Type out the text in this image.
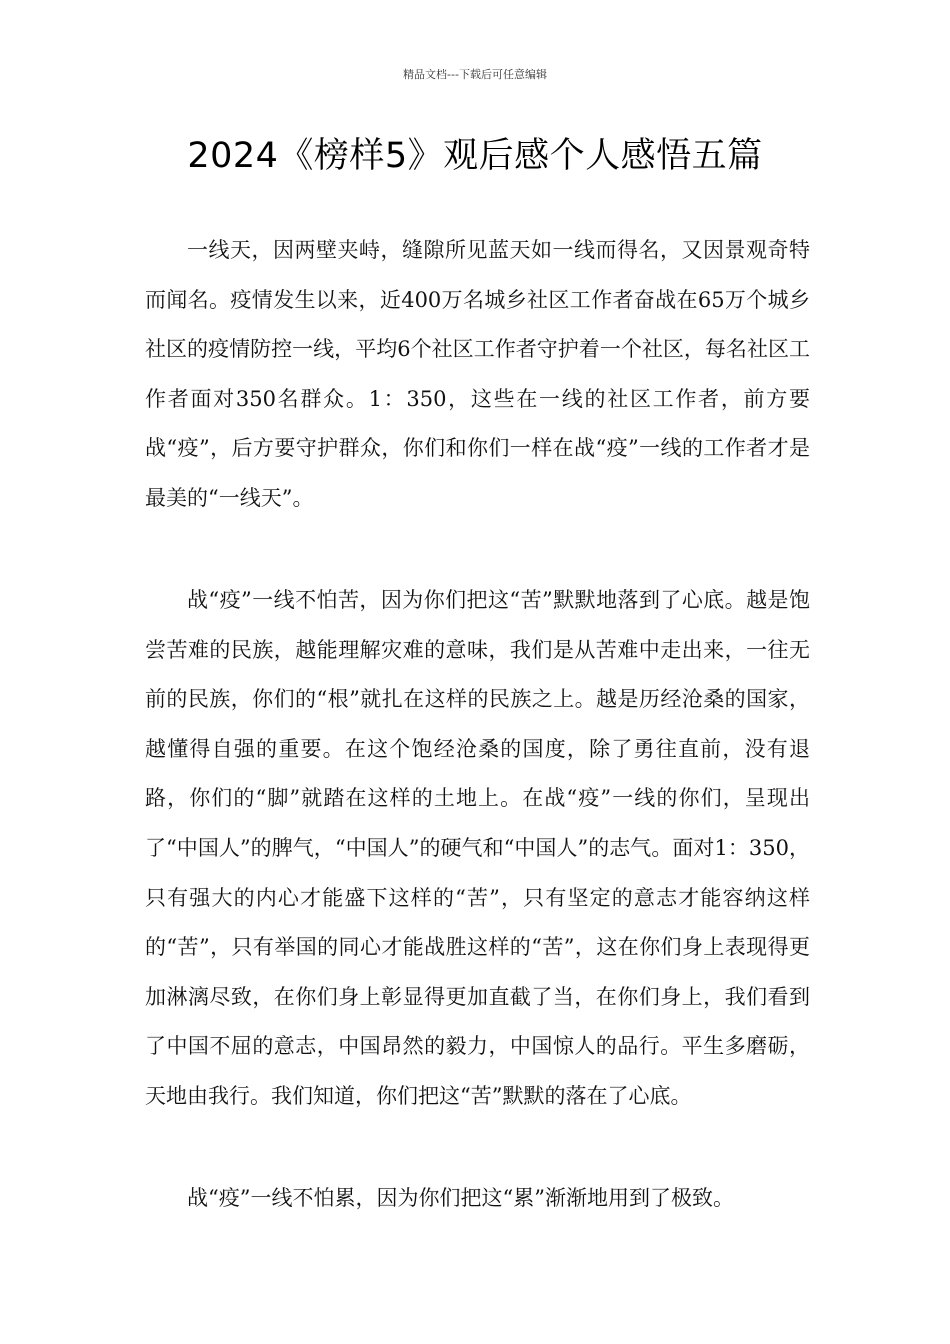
精品文档---下载后可任意编辑
2024《榜样5》观后感个人感悟五篇

一线天，因两壁夹峙，缝隙所见蓝天如一线而得名，又因景观奇特而闻名。疫情发生以来，近400万名城乡社区工作者奋战在65万个城乡社区的疫情防控一线，平均6个社区工作者守护着一个社区，每名社区工作者面对350名群众。1：350，这些在一线的社区工作者，前方要战“疫”，后方要守护群众，你们和你们一样在战“疫”一线的工作者才是最美的“一线天”。

战“疫”一线不怕苦，因为你们把这“苦”默默地落到了心底。越是饱尝苦难的民族，越能理解灾难的意味，我们是从苦难中走出来，一往无前的民族，你们的“根”就扎在这样的民族之上。越是历经沧桑的国家，越懂得自强的重要。在这个饱经沧桑的国度，除了勇往直前，没有退路，你们的“脚”就踏在这样的土地上。在战“疫”一线的你们，呈现出了“中国人”的脾气，“中国人”的硬气和“中国人”的志气。面对1：350，只有强大的内心才能盛下这样的“苦”，只有坚定的意志才能容纳这样的“苦”，只有举国的同心才能战胜这样的“苦”，这在你们身上表现得更加淋漓尽致，在你们身上彰显得更加直截了当，在你们身上，我们看到了中国不屈的意志，中国昂然的毅力，中国惊人的品行。平生多磨砺，天地由我行。我们知道，你们把这“苦”默默的落在了心底。

战“疫”一线不怕累，因为你们把这“累”渐渐地用到了极致。
